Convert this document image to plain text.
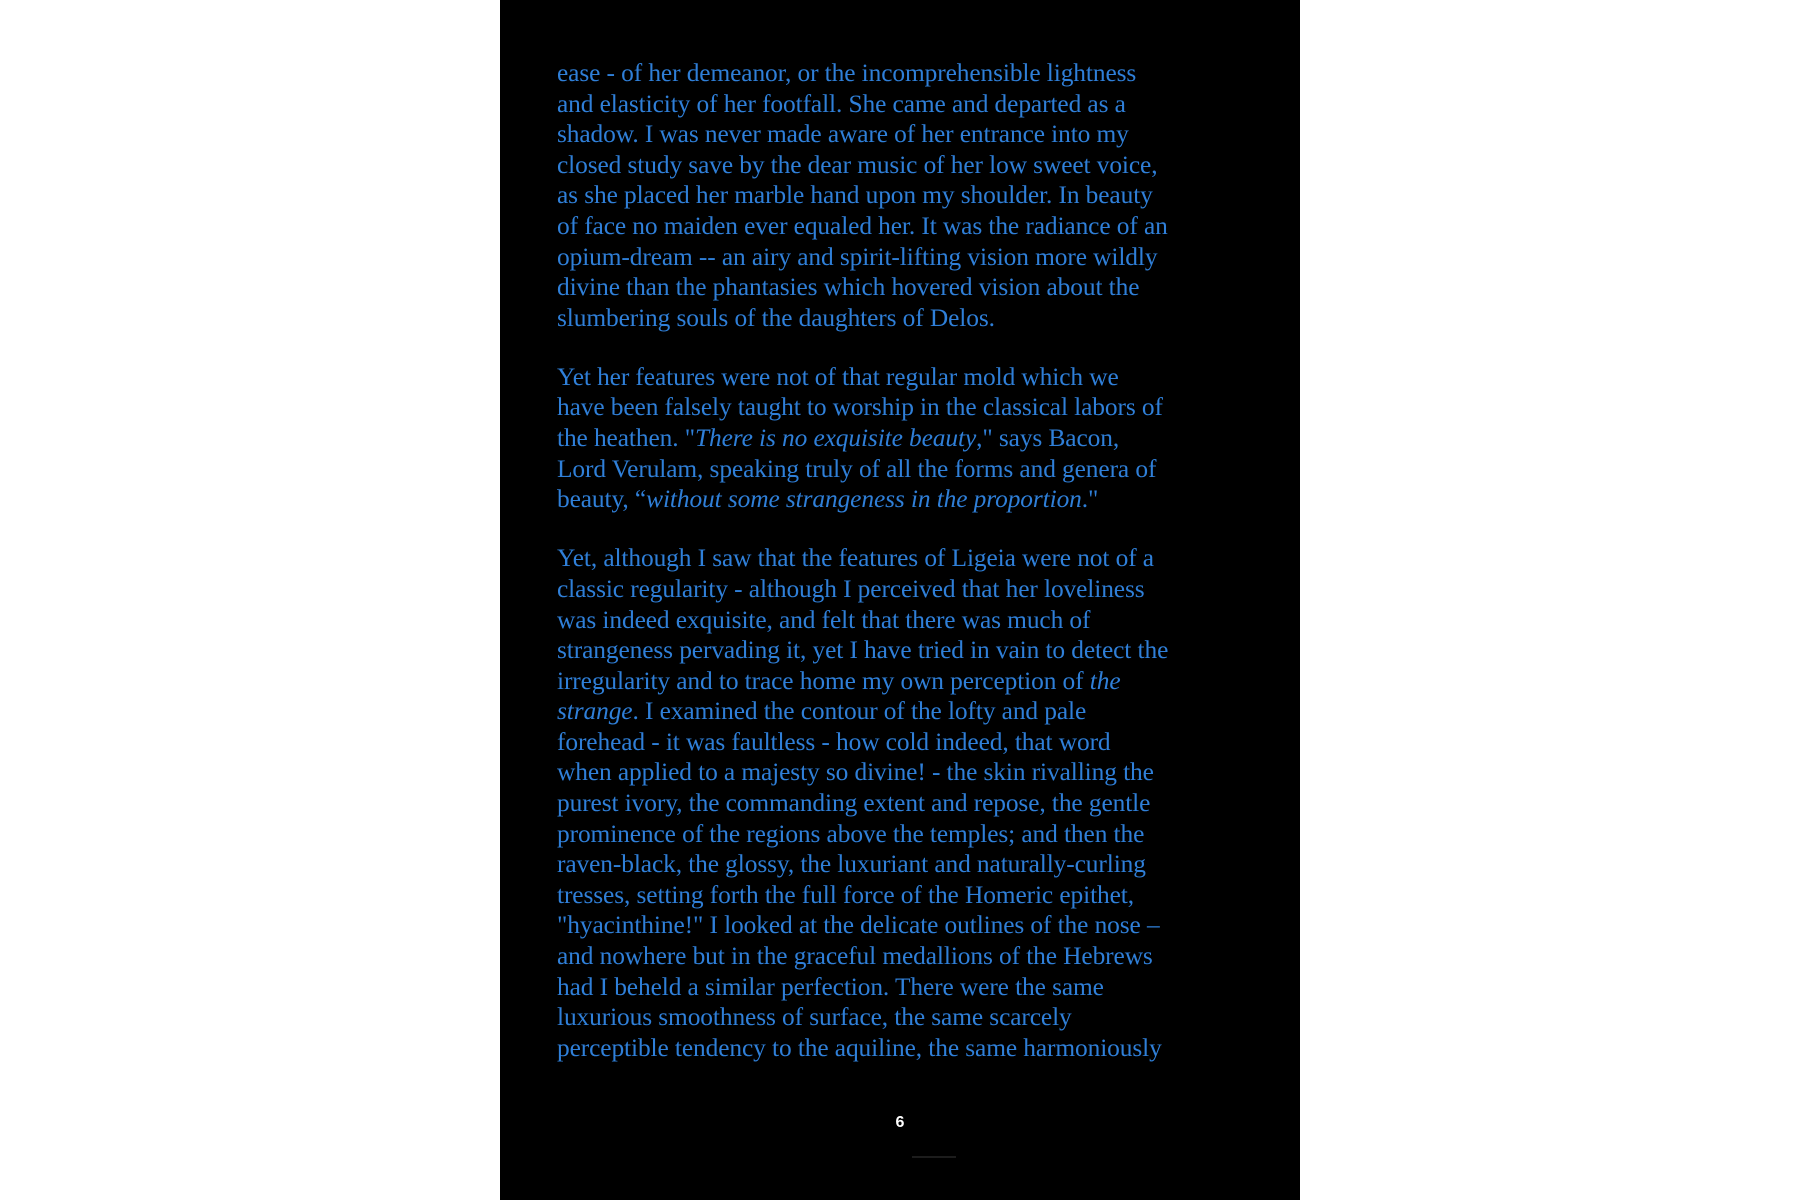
ease - of her demeanor, or the incomprehensible lightness
and elasticity of her footfall. She came and departed as a
shadow. I was never made aware of her entrance into my
closed study save by the dear music of her low sweet voice,
as she placed her marble hand upon my shoulder. In beauty
of face no maiden ever equaled her. It was the radiance of an
opium-dream -- an airy and spirit-lifting vision more wildly
divine than the phantasies which hovered vision about the
slumbering souls of the daughters of Delos.

Yet her features were not of that regular mold which we
have been falsely taught to worship in the classical labors of
the heathen. "There is no exquisite beauty," says Bacon,
Lord Verulam, speaking truly of all the forms and genera of
beauty, “without some strangeness in the proportion."

Yet, although I saw that the features of Ligeia were not of a
classic regularity - although I perceived that her loveliness
was indeed exquisite, and felt that there was much of
strangeness pervading it, yet I have tried in vain to detect the
irregularity and to trace home my own perception of the
strange. I examined the contour of the lofty and pale
forehead - it was faultless - how cold indeed, that word
when applied to a majesty so divine! - the skin rivalling the
purest ivory, the commanding extent and repose, the gentle
prominence of the regions above the temples; and then the
raven-black, the glossy, the luxuriant and naturally-curling
tresses, setting forth the full force of the Homeric epithet,
"hyacinthine!" I looked at the delicate outlines of the nose –
and nowhere but in the graceful medallions of the Hebrews
had I beheld a similar perfection. There were the same
luxurious smoothness of surface, the same scarcely
perceptible tendency to the aquiline, the same harmoniously

6
